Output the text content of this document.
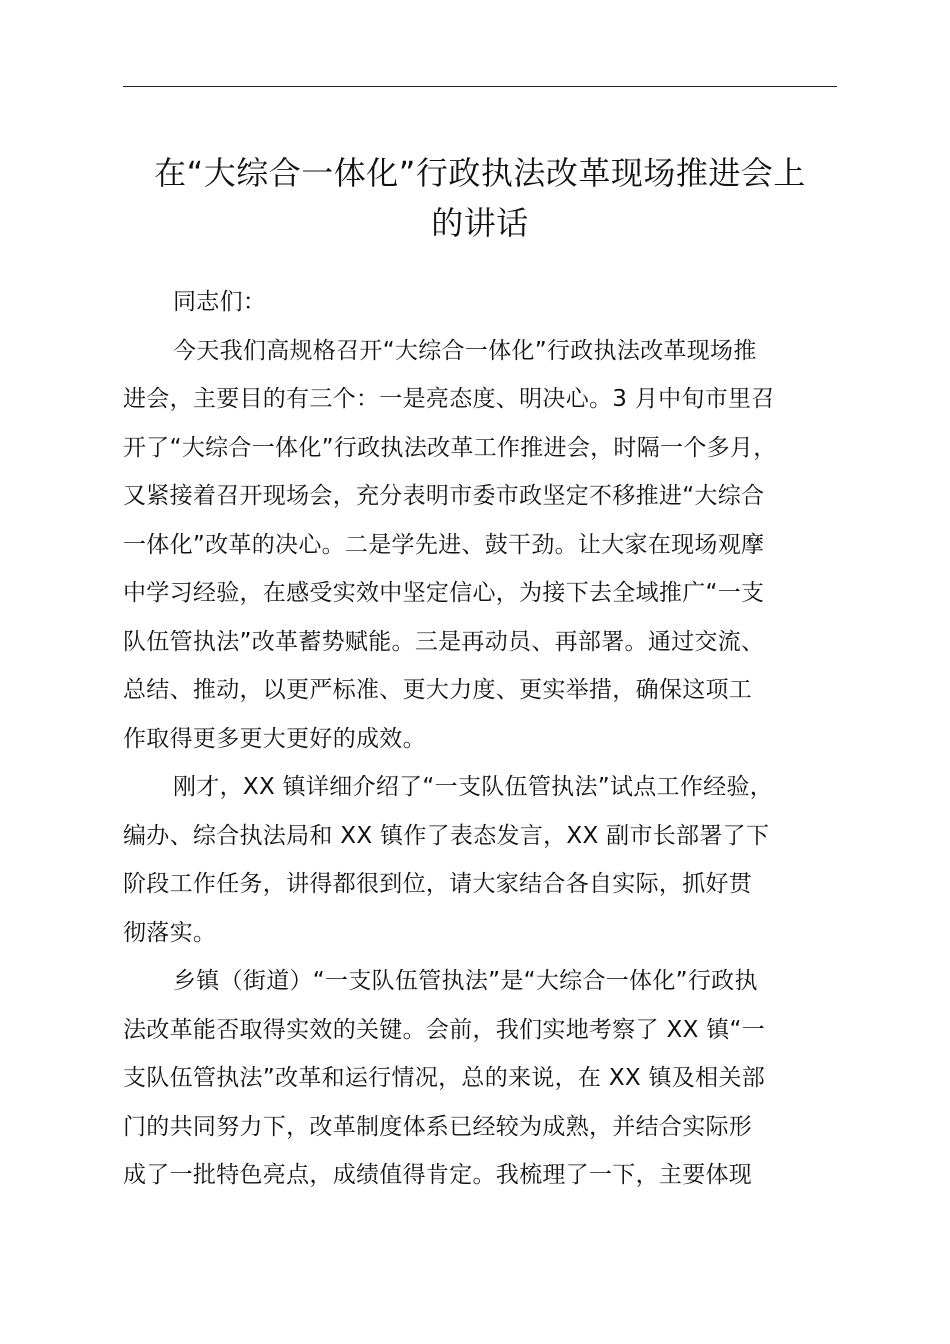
在“大综合一体化”行政执法改革现场推进会上
的讲话

同志们：

今天我们高规格召开“大综合一体化”行政执法改革现场推
进会，主要目的有三个：一是亮态度、明决心。3 月中旬市里召
开了“大综合一体化”行政执法改革工作推进会，时隔一个多月，
又紧接着召开现场会，充分表明市委市政坚定不移推进“大综合
一体化”改革的决心。二是学先进、鼓干劲。让大家在现场观摩
中学习经验，在感受实效中坚定信心，为接下去全域推广“一支
队伍管执法”改革蓄势赋能。三是再动员、再部署。通过交流、
总结、推动，以更严标准、更大力度、更实举措，确保这项工
作取得更多更大更好的成效。

刚才，XX 镇详细介绍了“一支队伍管执法”试点工作经验，
编办、综合执法局和 XX 镇作了表态发言，XX 副市长部署了下
阶段工作任务，讲得都很到位，请大家结合各自实际，抓好贯
彻落实。

乡镇（街道）“一支队伍管执法”是“大综合一体化”行政执
法改革能否取得实效的关键。会前，我们实地考察了 XX 镇“一
支队伍管执法”改革和运行情况，总的来说，在 XX 镇及相关部
门的共同努力下，改革制度体系已经较为成熟，并结合实际形
成了一批特色亮点，成绩值得肯定。我梳理了一下，主要体现
